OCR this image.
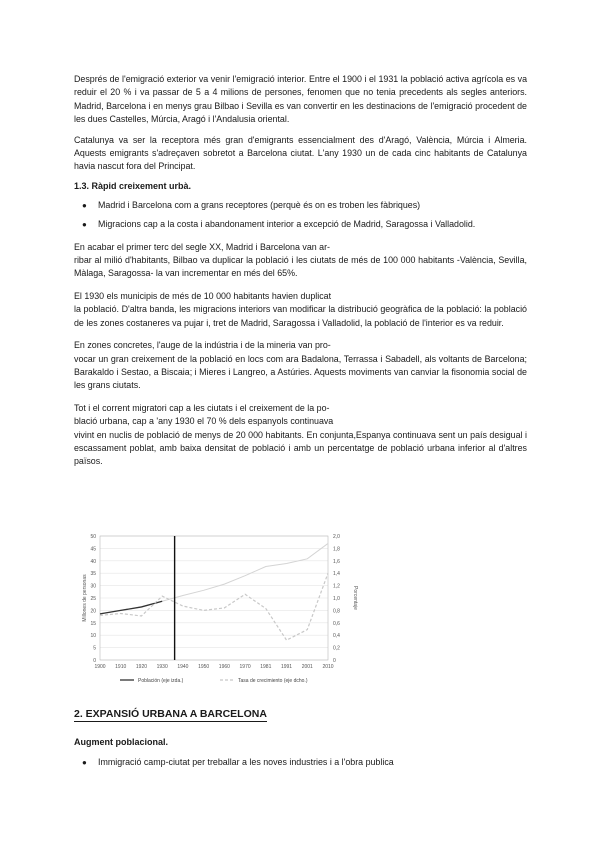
Després de l'emigració exterior va venir l'emigració interior. Entre el 1900 i el 1931 la població activa agrícola es va reduir el 20 % i va passar de 5 a 4 milions de persones, fenomen que no tenia precedents als segles anteriors. Madrid, Barcelona i en menys grau Bilbao i Sevilla es van convertir en les destinacions de l'emigració procedent de les dues Castelles, Múrcia, Aragó i l'Andalusia oriental.

Catalunya va ser la receptora més gran d'emigrants essencialment des d'Aragó, València, Múrcia i Almeria. Aquests emigrants s'adreçaven sobretot a Barcelona ciutat. L'any 1930 un de cada cinc habitants de Catalunya havia nascut fora del Principat.

1.3. Ràpid creixement urbà.
● Madrid i Barcelona com a grans receptores (perquè és on es troben les fàbriques)
● Migracions cap a la costa i abandonament interior a excepció de Madrid, Saragossa i Valladolid.

En acabar el primer terc del segle XX, Madrid i Barcelona van ar-

ribar al milió d'habitants, Bilbao va duplicar la població i les ciutats de més de 100 000 habitants -València, Sevilla, Màlaga, Saragossa- la van incrementar en més del 65%.

El 1930 els municipis de més de 10 000 habitants havien duplicat

la població. D'altra banda, les migracions interiors van modificar la distribució geogràfica de la població: la població de les zones costaneres va pujar i, tret de Madrid, Saragossa i Valladolid, la població de l'interior es va reduir.

En zones concretes, l'auge de la indústria i de la mineria van pro-

vocar un gran creixement de la població en locs com ara Badalona, Terrassa i Sabadell, als voltants de Barcelona; Barakaldo i Sestao, a Biscaia; i Mieres i Langreo, a Astúries. Aquests moviments van canviar la fisonomia social de les grans ciutats.

Tot i el corrent migratori cap a les ciutats i el creixement de la po-

blació urbana, cap a 'any 1930 el 70 % dels espanyols continuava

vivint en nuclis de població de menys de 20 000 habitants. En conjunta,Espanya continuava sent un país desigual i escassament poblat, amb baixa densitat de població i amb un percentatge de població urbana inferior al d'altres països.

0
5
10
15
20
25
30
35
40
45
50
0
0,2
0,4
0,6
0,8
1,0
1,2
1,4
1,6
1,8
2,0
1900 1910 1920 1930 1940 1950 1960 1970 1981 1991 2001 2010
Millones de personas	Porcentaje
Población (eje izda.)	Tasa de crecimiento (eje dcho.)
2. EXPANSIÓ URBANA A BARCELONA
Augment poblacional.
● Immigració camp-ciutat per treballar a les noves industries i a l'obra publica
